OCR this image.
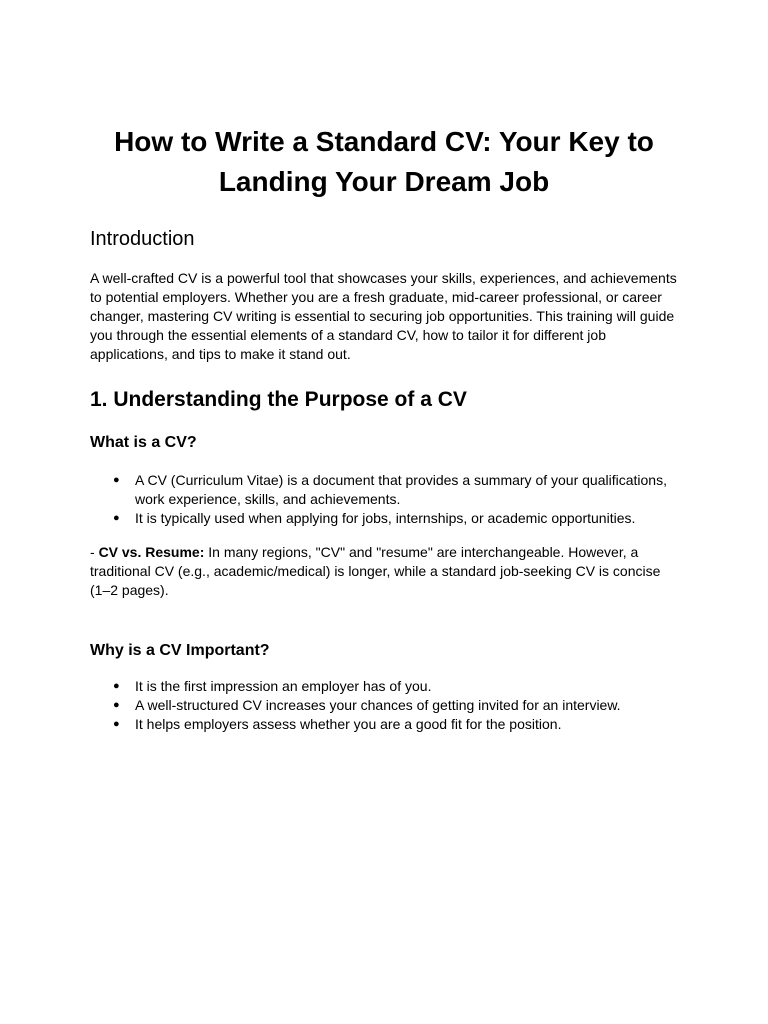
How to Write a Standard CV: Your Key to Landing Your Dream Job
Introduction

A well-crafted CV is a powerful tool that showcases your skills, experiences, and achievements to potential employers. Whether you are a fresh graduate, mid-career professional, or career changer, mastering CV writing is essential to securing job opportunities. This training will guide you through the essential elements of a standard CV, how to tailor it for different job applications, and tips to make it stand out.

1. Understanding the Purpose of a CV
What is a CV?
● A CV (Curriculum Vitae) is a document that provides a summary of your qualifications, work experience, skills, and achievements.
● It is typically used when applying for jobs, internships, or academic opportunities.

- CV vs. Resume: In many regions, "CV" and "resume" are interchangeable. However, a traditional CV (e.g., academic/medical) is longer, while a standard job-seeking CV is concise (1–2 pages).

Why is a CV Important?
● It is the first impression an employer has of you.
● A well-structured CV increases your chances of getting invited for an interview.
● It helps employers assess whether you are a good fit for the position.
